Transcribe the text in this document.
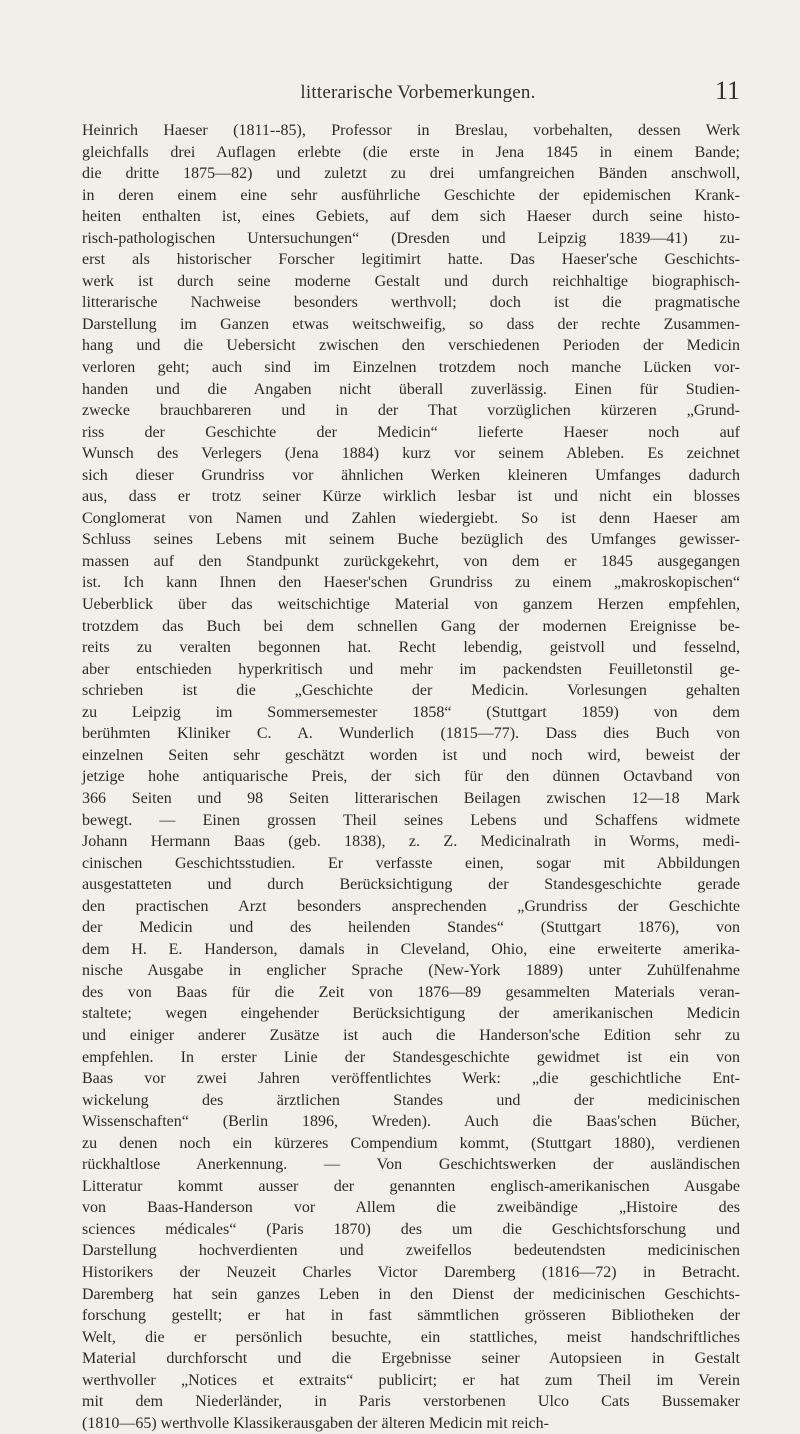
litterarische Vorbemerkungen.	11
Heinrich Haeser (1811--85), Professor in Breslau, vorbehalten, dessen Werk
gleichfalls drei Auflagen erlebte (die erste in Jena 1845 in einem Bande;
die dritte 1875—82) und zuletzt zu drei umfangreichen Bänden anschwoll,
in deren einem eine sehr ausführliche Geschichte der epidemischen Krank-
heiten enthalten ist, eines Gebiets, auf dem sich Haeser durch seine histo-
risch-pathologischen Untersuchungen“ (Dresden und Leipzig 1839—41) zu-
erst als historischer Forscher legitimirt hatte. Das Haeser'sche Geschichts-
werk ist durch seine moderne Gestalt und durch reichhaltige biographisch-
litterarische Nachweise besonders werthvoll; doch ist die pragmatische
Darstellung im Ganzen etwas weitschweifig, so dass der rechte Zusammen-
hang und die Uebersicht zwischen den verschiedenen Perioden der Medicin
verloren geht; auch sind im Einzelnen trotzdem noch manche Lücken vor-
handen und die Angaben nicht überall zuverlässig. Einen für Studien-
zwecke brauchbareren und in der That vorzüglichen kürzeren „Grund-
riss der Geschichte der Medicin“ lieferte Haeser noch auf
Wunsch des Verlegers (Jena 1884) kurz vor seinem Ableben. Es zeichnet
sich dieser Grundriss vor ähnlichen Werken kleineren Umfanges dadurch
aus, dass er trotz seiner Kürze wirklich lesbar ist und nicht ein blosses
Conglomerat von Namen und Zahlen wiedergiebt. So ist denn Haeser am
Schluss seines Lebens mit seinem Buche bezüglich des Umfanges gewisser-
massen auf den Standpunkt zurückgekehrt, von dem er 1845 ausgegangen
ist. Ich kann Ihnen den Haeser'schen Grundriss zu einem „makroskopischen“
Ueberblick über das weitschichtige Material von ganzem Herzen empfehlen,
trotzdem das Buch bei dem schnellen Gang der modernen Ereignisse be-
reits zu veralten begonnen hat. Recht lebendig, geistvoll und fesselnd,
aber entschieden hyperkritisch und mehr im packendsten Feuilletonstil ge-
schrieben ist die „Geschichte der Medicin. Vorlesungen gehalten
zu Leipzig im Sommersemester 1858“ (Stuttgart 1859) von dem
berühmten Kliniker C. A. Wunderlich (1815—77). Dass dies Buch von
einzelnen Seiten sehr geschätzt worden ist und noch wird, beweist der
jetzige hohe antiquarische Preis, der sich für den dünnen Octavband von
366 Seiten und 98 Seiten litterarischen Beilagen zwischen 12—18 Mark
bewegt. — Einen grossen Theil seines Lebens und Schaffens widmete
Johann Hermann Baas (geb. 1838), z. Z. Medicinalrath in Worms, medi-
cinischen Geschichtsstudien. Er verfasste einen, sogar mit Abbildungen
ausgestatteten und durch Berücksichtigung der Standesgeschichte gerade
den practischen Arzt besonders ansprechenden „Grundriss der Geschichte
der Medicin und des heilenden Standes“ (Stuttgart 1876), von
dem H. E. Handerson, damals in Cleveland, Ohio, eine erweiterte amerika-
nische Ausgabe in englicher Sprache (New-York 1889) unter Zuhülfenahme
des von Baas für die Zeit von 1876—89 gesammelten Materials veran-
staltete; wegen eingehender Berücksichtigung der amerikanischen Medicin
und einiger anderer Zusätze ist auch die Handerson'sche Edition sehr zu
empfehlen. In erster Linie der Standesgeschichte gewidmet ist ein von
Baas vor zwei Jahren veröffentlichtes Werk: „die geschichtliche Ent-
wickelung des ärztlichen Standes und der medicinischen
Wissenschaften“ (Berlin 1896, Wreden). Auch die Baas'schen Bücher,
zu denen noch ein kürzeres Compendium kommt, (Stuttgart 1880), verdienen
rückhaltlose Anerkennung. — Von Geschichtswerken der ausländischen
Litteratur kommt ausser der genannten englisch-amerikanischen Ausgabe
von Baas-Handerson vor Allem die zweibändige „Histoire des
sciences médicales“ (Paris 1870) des um die Geschichtsforschung und
Darstellung hochverdienten und zweifellos bedeutendsten medicinischen
Historikers der Neuzeit Charles Victor Daremberg (1816—72) in Betracht.
Daremberg hat sein ganzes Leben in den Dienst der medicinischen Geschichts-
forschung gestellt; er hat in fast sämmtlichen grösseren Bibliotheken der
Welt, die er persönlich besuchte, ein stattliches, meist handschriftliches
Material durchforscht und die Ergebnisse seiner Autopsieen in Gestalt
werthvoller „Notices et extraits“ publicirt; er hat zum Theil im Verein
mit dem Niederländer, in Paris verstorbenen Ulco Cats Bussemaker
(1810—65) werthvolle Klassikerausgaben der älteren Medicin mit reich-
